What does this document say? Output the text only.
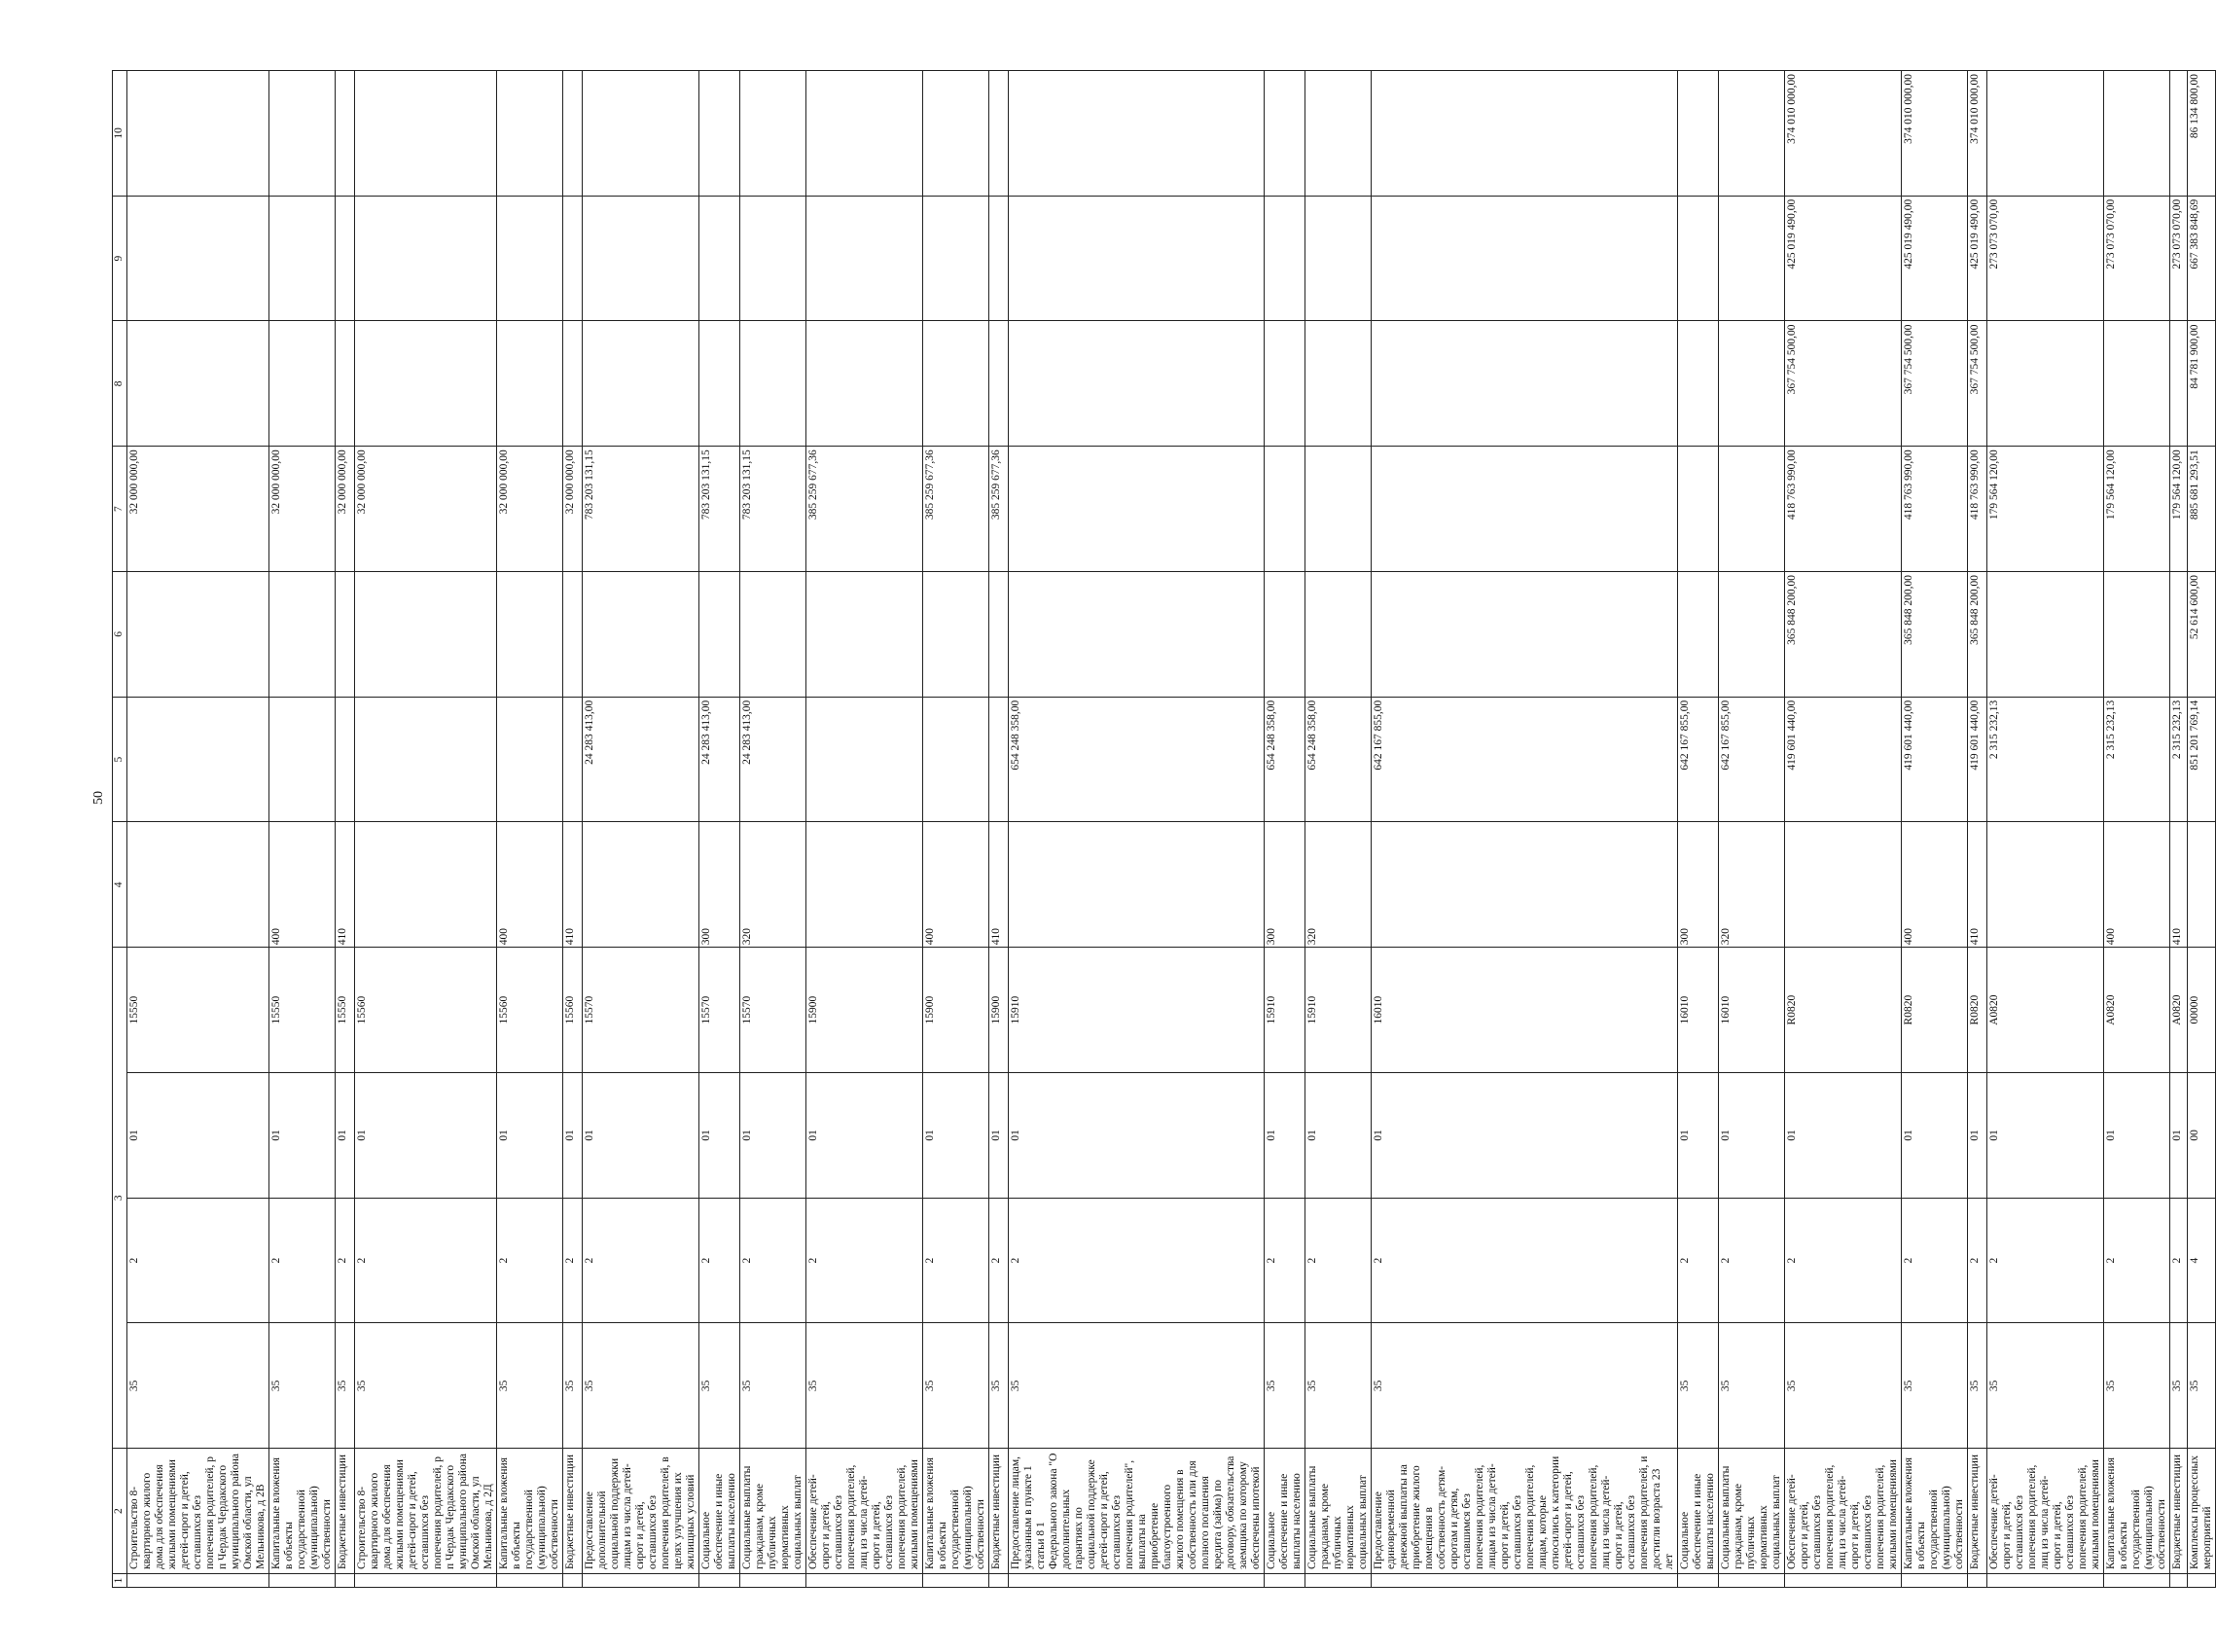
50
1	2	3				4	5	6	7	8	9	10
	Строительство 8-квартирного жилого дома для обеспечения жилыми помещениями детей-сирот и детей, оставшихся без попечения родителей, р п Чердак Чердакского муниципального района Омской области, ул Мельникова, д 2В	35	2	01	15550				32 000 000,00			
	Капитальные вложения в объекты государственной (муниципальной) собственности	35	2	01	15550	400			32 000 000,00			
	Бюджетные инвестиции	35	2	01	15550	410			32 000 000,00			
	Строительство 8-квартирного жилого дома для обеспечения жилыми помещениями детей-сирот и детей, оставшихся без попечения родителей, р п Чердак Чердакского муниципального района Омской области, ул Мельникова, д 2Д	35	2	01	15560				32 000 000,00			
	Капитальные вложения в объекты государственной (муниципальной) собственности	35	2	01	15560	400			32 000 000,00			
	Бюджетные инвестиции	35	2	01	15560	410			32 000 000,00			
	Предоставление дополнительной социальной поддержки лицам из числа детей-сирот и детей, оставшихся без попечения родителей, в целях улучшения их жилищных условий	35	2	01	15570		24 283 413,00		783 203 131,15			
	Социальное обеспечение и иные выплаты населению	35	2	01	15570	300	24 283 413,00		783 203 131,15			
	Социальные выплаты гражданам, кроме публичных нормативных социальных выплат	35	2	01	15570	320	24 283 413,00		783 203 131,15			
	Обеспечение детей-сирот и детей, оставшихся без попечения родителей, лиц из числа детей-сирот и детей, оставшихся без попечения родителей, жилыми помещениями	35	2	01	15900				385 259 677,36			
	Капитальные вложения в объекты государственной (муниципальной) собственности	35	2	01	15900	400			385 259 677,36			
	Бюджетные инвестиции	35	2	01	15900	410			385 259 677,36			
	Предоставление лицам, указанным в пункте 1 статьи 8 1 Федерального закона "О дополнительных гарантиях по социальной поддержке детей-сирот и детей, оставшихся без попечения родителей", выплаты на приобретение благоустроенного жилого помещения в собственность или для полного погашения кредита (займа) по договору, обязательства заемщика по которому обеспечены ипотекой	35	2	01	15910		654 248 358,00					
	Социальное обеспечение и иные выплаты населению	35	2	01	15910	300	654 248 358,00					
	Социальные выплаты гражданам, кроме публичных нормативных социальных выплат	35	2	01	15910	320	654 248 358,00					
	Предоставление единовременной денежной выплаты на приобретение жилого помещения в собственность детям-сиротам и детям, оставшимся без попечения родителей, лицам из числа детей-сирот и детей, оставшихся без попечения родителей, лицам, которые относились к категории детей-сирот и детей, оставшихся без попечения родителей, лиц из числа детей-сирот и детей, оставшихся без попечения родителей, и достигли возраста 23 лет	35	2	01	16010		642 167 855,00					
	Социальное обеспечение и иные выплаты населению	35	2	01	16010	300	642 167 855,00					
	Социальные выплаты гражданам, кроме публичных нормативных социальных выплат	35	2	01	16010	320	642 167 855,00					
	Обеспечение детей-сирот и детей, оставшихся без попечения родителей, лиц из числа детей-сирот и детей, оставшихся без попечения родителей, жилыми помещениями	35	2	01	R0820		419 601 440,00	365 848 200,00	418 763 990,00	367 754 500,00	425 019 490,00	374 010 000,00
	Капитальные вложения в объекты государственной (муниципальной) собственности	35	2	01	R0820	400	419 601 440,00	365 848 200,00	418 763 990,00	367 754 500,00	425 019 490,00	374 010 000,00
	Бюджетные инвестиции	35	2	01	R0820	410	419 601 440,00	365 848 200,00	418 763 990,00	367 754 500,00	425 019 490,00	374 010 000,00
	Обеспечение детей-сирот и детей, оставшихся без попечения родителей, лиц из числа детей-сирот и детей, оставшихся без попечения родителей, жилыми помещениями	35	2	01	A0820		2 315 232,13		179 564 120,00		273 073 070,00	
	Капитальные вложения в объекты государственной (муниципальной) собственности	35	2	01	A0820	400	2 315 232,13		179 564 120,00		273 073 070,00	
	Бюджетные инвестиции	35	2	01	A0820	410	2 315 232,13		179 564 120,00		273 073 070,00	
	Комплексы процессных мероприятий	35	4	00	00000		851 201 769,14	52 614 600,00	885 681 293,51	84 781 900,00	667 383 848,69	86 134 800,00
